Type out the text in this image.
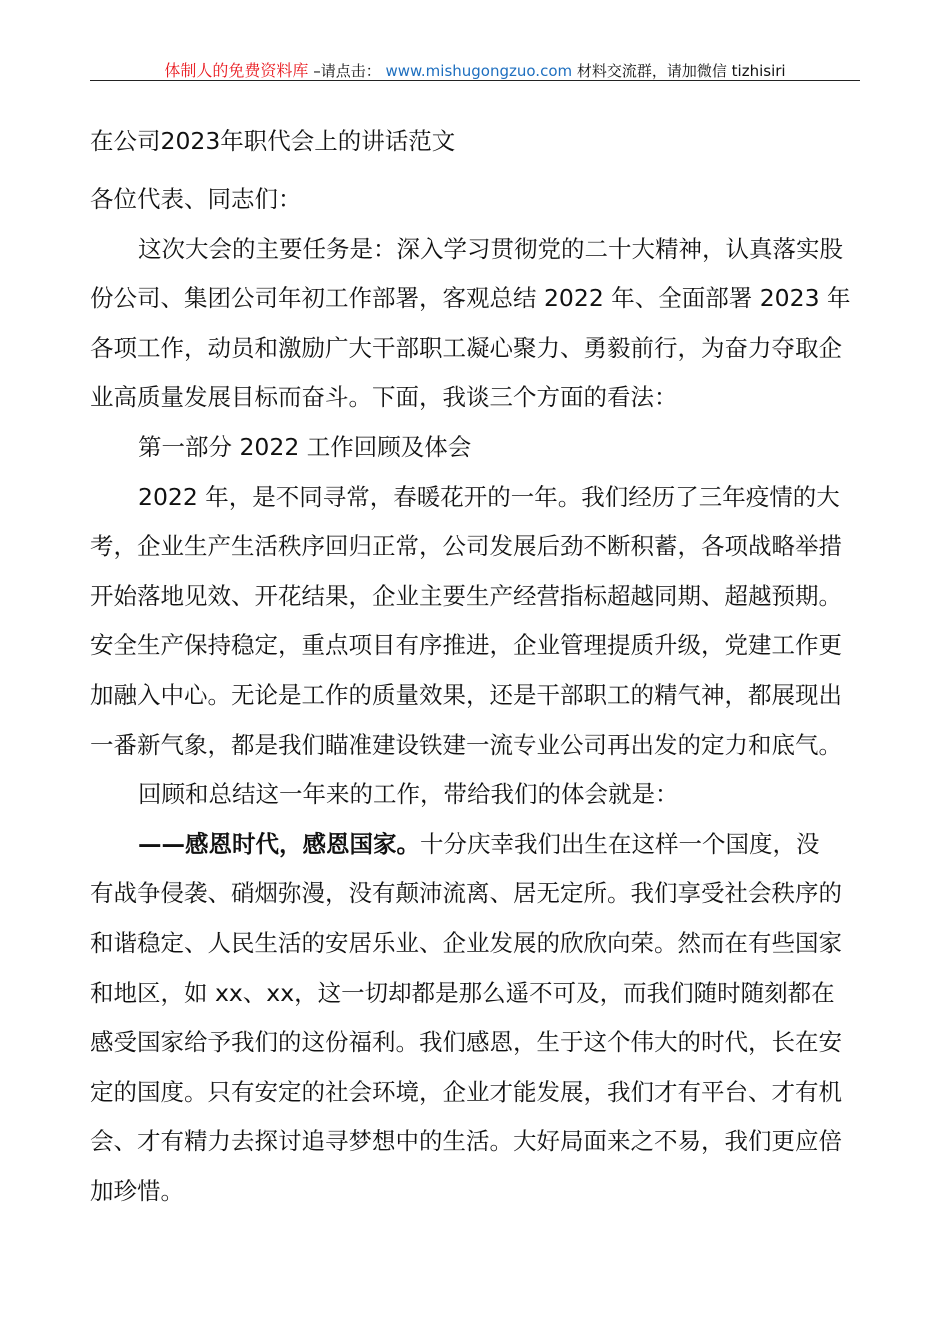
体制人的免费资料库 –请点击： www.mishugongzuo.com 材料交流群，请加微信 tizhisiri
在公司2023年职代会上的讲话范文
各位代表、同志们：
这次大会的主要任务是：深入学习贯彻党的二十大精神，认真落实股
份公司、集团公司年初工作部署，客观总结 2022 年、全面部署 2023 年
各项工作，动员和激励广大干部职工凝心聚力、勇毅前行，为奋力夺取企
业高质量发展目标而奋斗。下面，我谈三个方面的看法：
第一部分 2022 工作回顾及体会
2022 年，是不同寻常，春暖花开的一年。我们经历了三年疫情的大
考，企业生产生活秩序回归正常，公司发展后劲不断积蓄，各项战略举措
开始落地见效、开花结果，企业主要生产经营指标超越同期、超越预期。
安全生产保持稳定，重点项目有序推进，企业管理提质升级，党建工作更
加融入中心。无论是工作的质量效果，还是干部职工的精气神，都展现出
一番新气象，都是我们瞄准建设铁建一流专业公司再出发的定力和底气。
回顾和总结这一年来的工作，带给我们的体会就是：
——感恩时代，感恩国家。十分庆幸我们出生在这样一个国度，没
有战争侵袭、硝烟弥漫，没有颠沛流离、居无定所。我们享受社会秩序的
和谐稳定、人民生活的安居乐业、企业发展的欣欣向荣。然而在有些国家
和地区，如 xx、xx，这一切却都是那么遥不可及，而我们随时随刻都在
感受国家给予我们的这份福利。我们感恩，生于这个伟大的时代，长在安
定的国度。只有安定的社会环境，企业才能发展，我们才有平台、才有机
会、才有精力去探讨追寻梦想中的生活。大好局面来之不易，我们更应倍
加珍惜。
